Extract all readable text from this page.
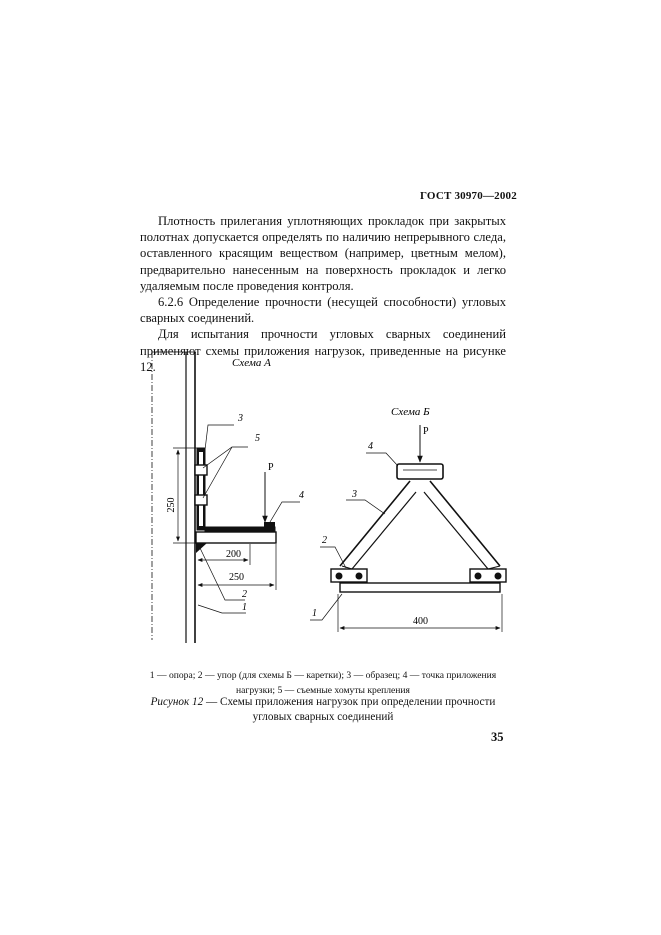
ГОСТ 30970—2002

Плотность прилегания уплотняющих прокладок при закрытых полотнах допускается определять по наличию непрерывного следа, оставленного красящим веществом (например, цветным мелом), предварительно нанесенным на поверхность прокладок и легко удаляемым после проведения контроля.

6.2.6 Определение прочности (несущей способности) угловых сварных соединений.

Для испытания прочности угловых сварных соединений применяют схемы приложения нагрузок, приведенные на рисунке 12.	Схема А
P
250
200
250
3
5
4
2
1
Схема Б
P
400
4
3
2
1
1 — опора; 2 — упор (для схемы Б — каретки); 3 — образец; 4 — точка приложения
нагрузки; 5 — съемные хомуты крепления
Рисунок 12 — Схемы приложения нагрузок при определении прочности
угловых сварных соединений
35
